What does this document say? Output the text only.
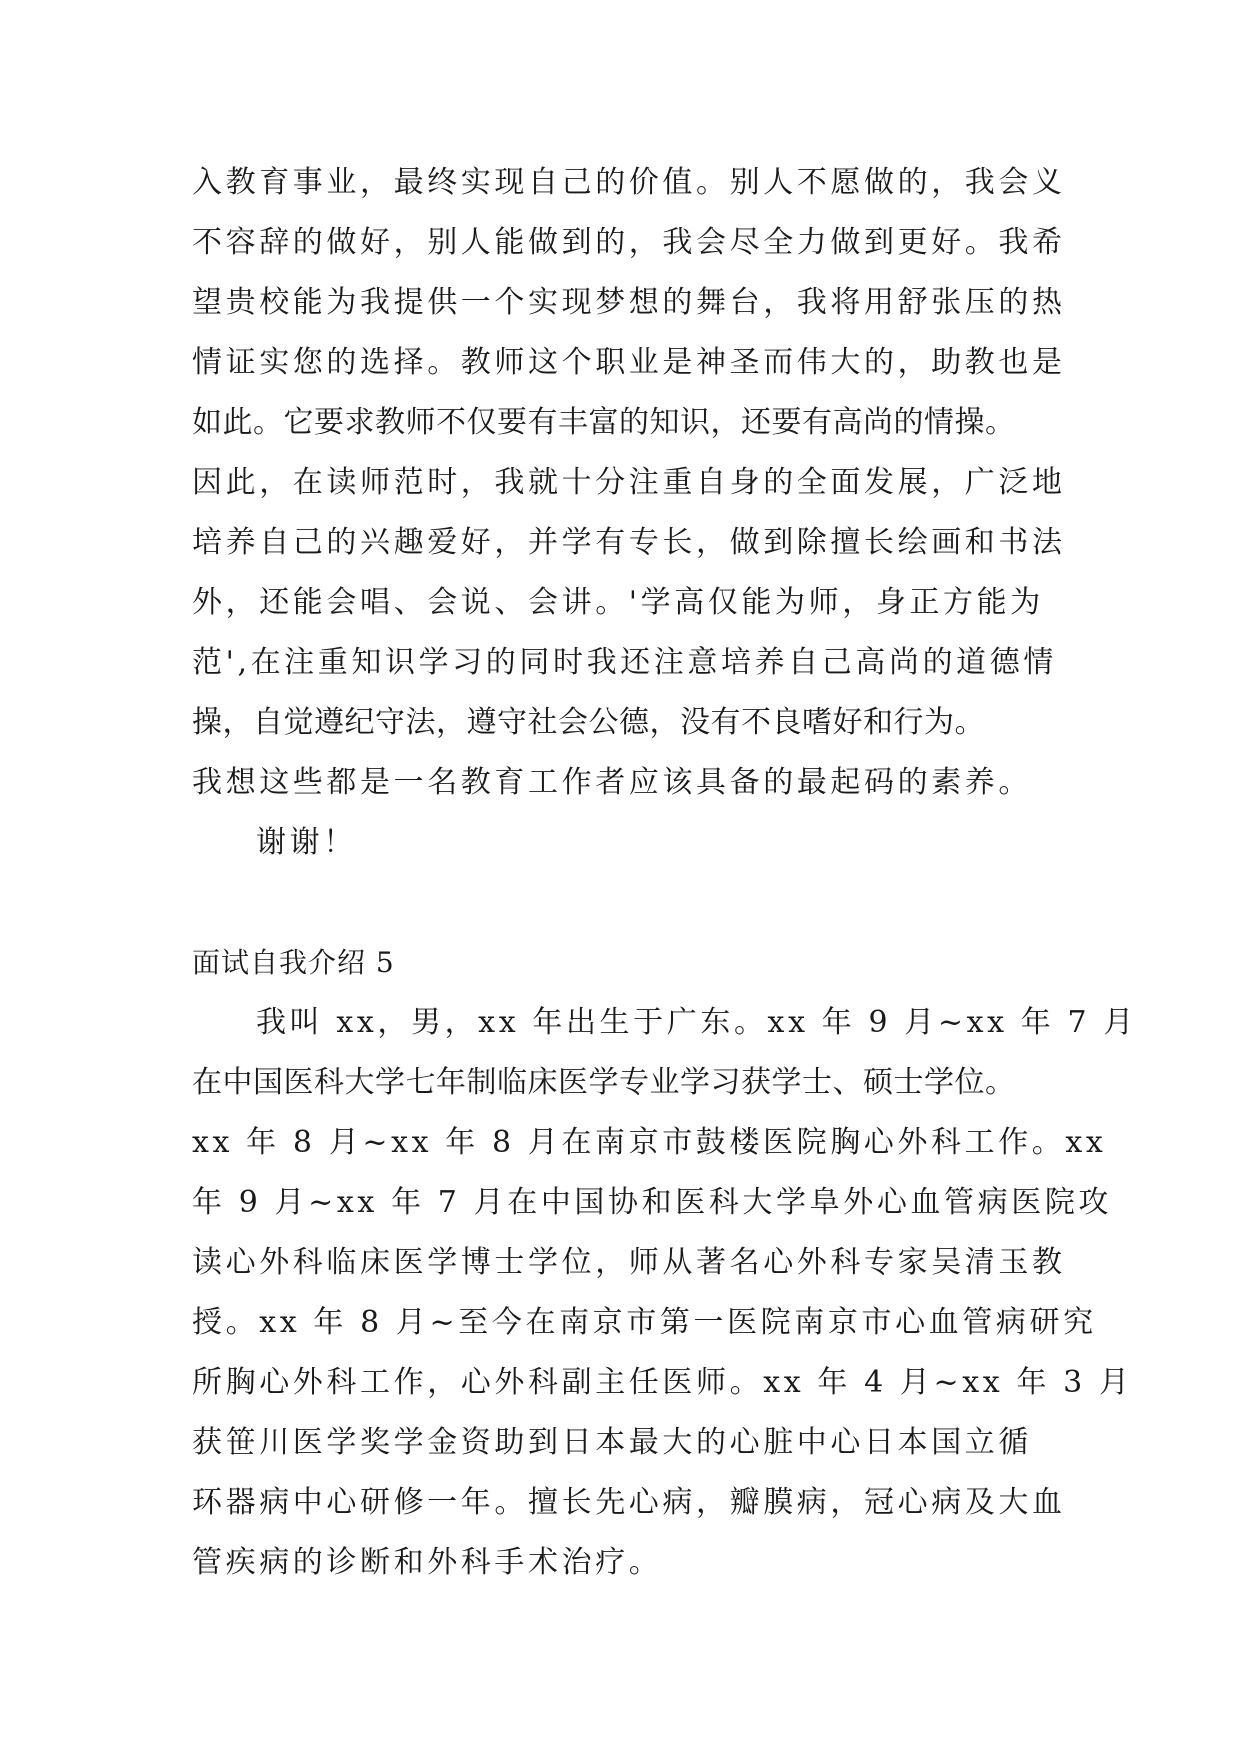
入教育事业，最终实现自己的价值。别人不愿做的，我会义
不容辞的做好，别人能做到的，我会尽全力做到更好。我希
望贵校能为我提供一个实现梦想的舞台，我将用舒张压的热
情证实您的选择。教师这个职业是神圣而伟大的，助教也是
如此。它要求教师不仅要有丰富的知识，还要有高尚的情操。
因此，在读师范时，我就十分注重自身的全面发展，广泛地
培养自己的兴趣爱好，并学有专长，做到除擅长绘画和书法
外，还能会唱、会说、会讲。'学高仅能为师，身正方能为
范',在注重知识学习的同时我还注意培养自己高尚的道德情
操，自觉遵纪守法，遵守社会公德，没有不良嗜好和行为。
我想这些都是一名教育工作者应该具备的最起码的素养。
谢谢！
面试自我介绍 5
我叫 xx，男，xx 年出生于广东。xx 年 9 月~xx 年 7 月
在中国医科大学七年制临床医学专业学习获学士、硕士学位。
xx 年 8 月~xx 年 8 月在南京市鼓楼医院胸心外科工作。xx
年 9 月~xx 年 7 月在中国协和医科大学阜外心血管病医院攻
读心外科临床医学博士学位，师从著名心外科专家吴清玉教
授。xx 年 8 月~至今在南京市第一医院南京市心血管病研究
所胸心外科工作，心外科副主任医师。xx 年 4 月~xx 年 3 月
获笹川医学奖学金资助到日本最大的心脏中心日本国立循
环器病中心研修一年。擅长先心病，瓣膜病，冠心病及大血
管疾病的诊断和外科手术治疗。
